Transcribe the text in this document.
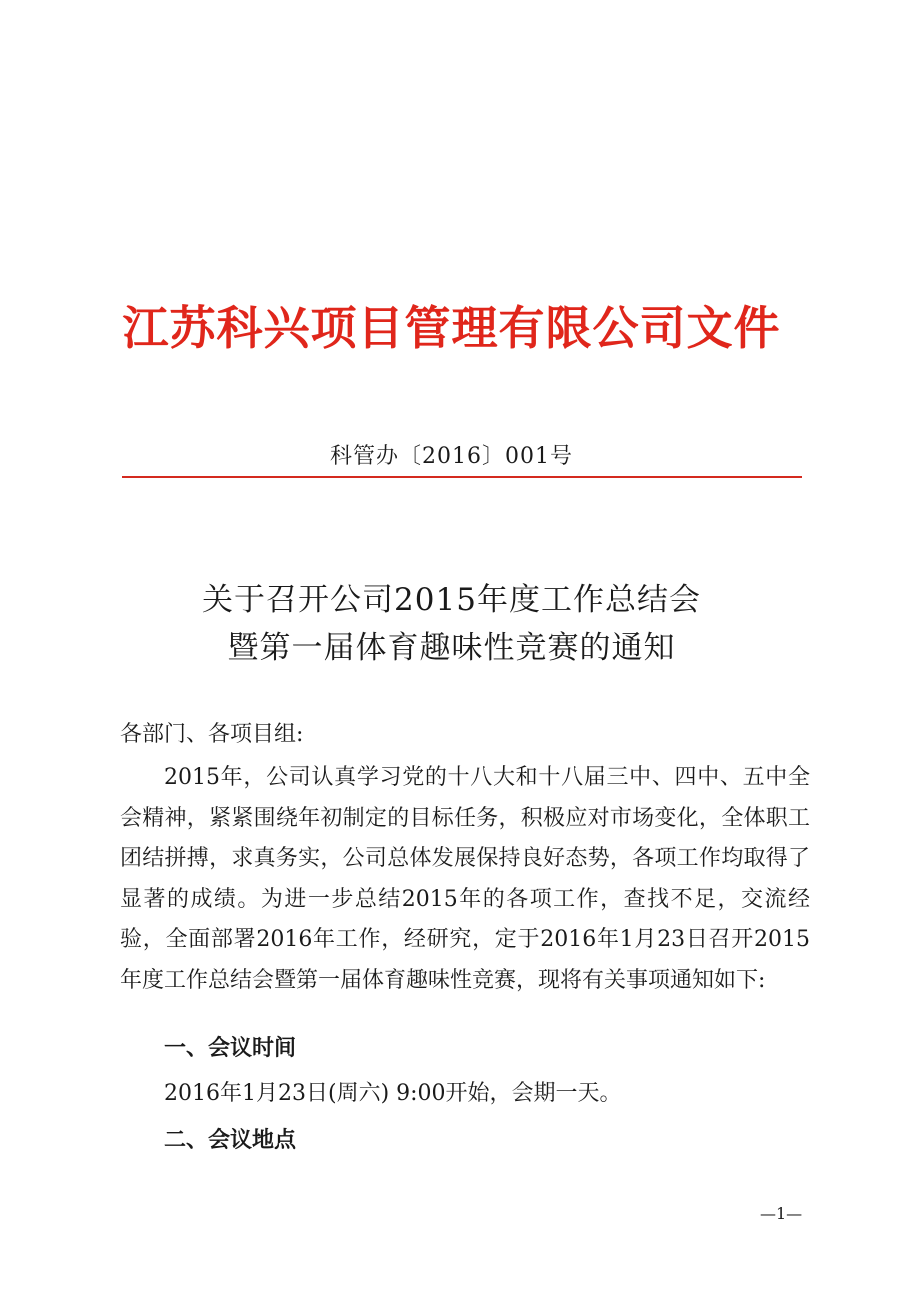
江苏科兴项目管理有限公司文件
科管办〔2016〕001号
关于召开公司2015年度工作总结会
暨第一届体育趣味性竞赛的通知
各部门、各项目组:

2015年，公司认真学习党的十八大和十八届三中、四中、五中全会精神，紧紧围绕年初制定的目标任务，积极应对市场变化，全体职工团结拼搏，求真务实，公司总体发展保持良好态势，各项工作均取得了显著的成绩。为进一步总结2015年的各项工作，查找不足，交流经验，全面部署2016年工作，经研究，定于2016年1月23日召开2015年度工作总结会暨第一届体育趣味性竞赛，现将有关事项通知如下:

一、会议时间
2016年1月23日(周六) 9:00开始，会期一天。
二、会议地点
—1—
